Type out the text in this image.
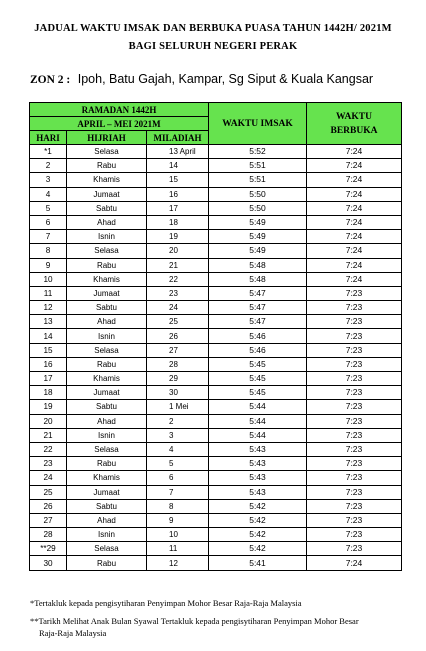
JADUAL WAKTU IMSAK DAN BERBUKA PUASA TAHUN 1442H/ 2021M
BAGI SELURUH NEGERI PERAK
ZON 2 : Ipoh, Batu Gajah, Kampar, Sg Siput & Kuala Kangsar
RAMADAN 1442H			WAKTU IMSAK	WAKTU
BERBUKA

APRIL – MEI 2021M				
HARI	HIJRIAH	MILADIAH		
*1	Selasa	13 April	5:52	7:24
2	Rabu	14	5:51	7:24
3	Khamis	15	5:51	7:24
4	Jumaat	16	5:50	7:24
5	Sabtu	17	5:50	7:24
6	Ahad	18	5:49	7:24
7	Isnin	19	5:49	7:24
8	Selasa	20	5:49	7:24
9	Rabu	21	5:48	7:24
10	Khamis	22	5:48	7:24
11	Jumaat	23	5:47	7:23
12	Sabtu	24	5:47	7:23
13	Ahad	25	5:47	7:23
14	Isnin	26	5:46	7:23
15	Selasa	27	5:46	7:23
16	Rabu	28	5:45	7:23
17	Khamis	29	5:45	7:23
18	Jumaat	30	5:45	7:23
19	Sabtu	1 Mei	5:44	7:23
20	Ahad	2	5:44	7:23
21	Isnin	3	5:44	7:23
22	Selasa	4	5:43	7:23
23	Rabu	5	5:43	7:23
24	Khamis	6	5:43	7:23
25	Jumaat	7	5:43	7:23
26	Sabtu	8	5:42	7:23
27	Ahad	9	5:42	7:23
28	Isnin	10	5:42	7:23
**29	Selasa	11	5:42	7:23
30	Rabu	12	5:41	7:24
*Tertakluk kepada pengisytiharan Penyimpan Mohor Besar Raja-Raja Malaysia
**Tarikh Melihat Anak Bulan Syawal Tertakluk kepada pengisytiharan Penyimpan Mohor Besar
Raja-Raja Malaysia
